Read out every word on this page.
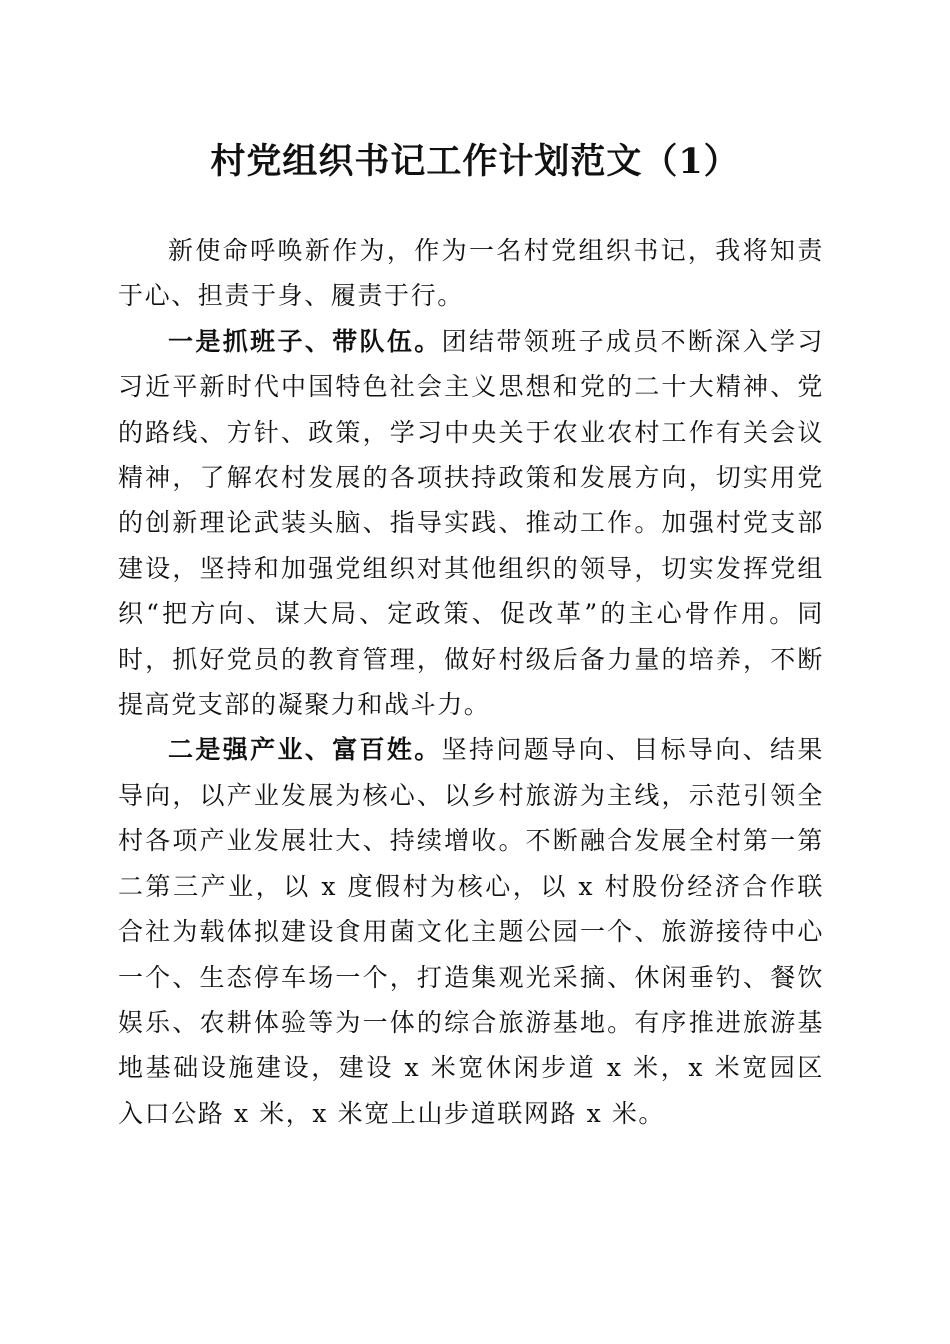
村党组织书记工作计划范文（1）

新使命呼唤新作为，作为一名村党组织书记，我将知责于心、担责于身、履责于行。

一是抓班子、带队伍。团结带领班子成员不断深入学习习近平新时代中国特色社会主义思想和党的二十大精神、党的路线、方针、政策，学习中央关于农业农村工作有关会议精神，了解农村发展的各项扶持政策和发展方向，切实用党的创新理论武装头脑、指导实践、推动工作。加强村党支部建设，坚持和加强党组织对其他组织的领导，切实发挥党组织“把方向、谋大局、定政策、促改革”的主心骨作用。同时，抓好党员的教育管理，做好村级后备力量的培养，不断提高党支部的凝聚力和战斗力。

二是强产业、富百姓。坚持问题导向、目标导向、结果导向，以产业发展为核心、以乡村旅游为主线，示范引领全村各项产业发展壮大、持续增收。不断融合发展全村第一第二第三产业，以 x 度假村为核心，以 x 村股份经济合作联合社为载体拟建设食用菌文化主题公园一个、旅游接待中心一个、生态停车场一个，打造集观光采摘、休闲垂钓、餐饮娱乐、农耕体验等为一体的综合旅游基地。有序推进旅游基地基础设施建设，建设 x 米宽休闲步道 x 米，x 米宽园区入口公路 x 米，x 米宽上山步道联网路 x 米。
